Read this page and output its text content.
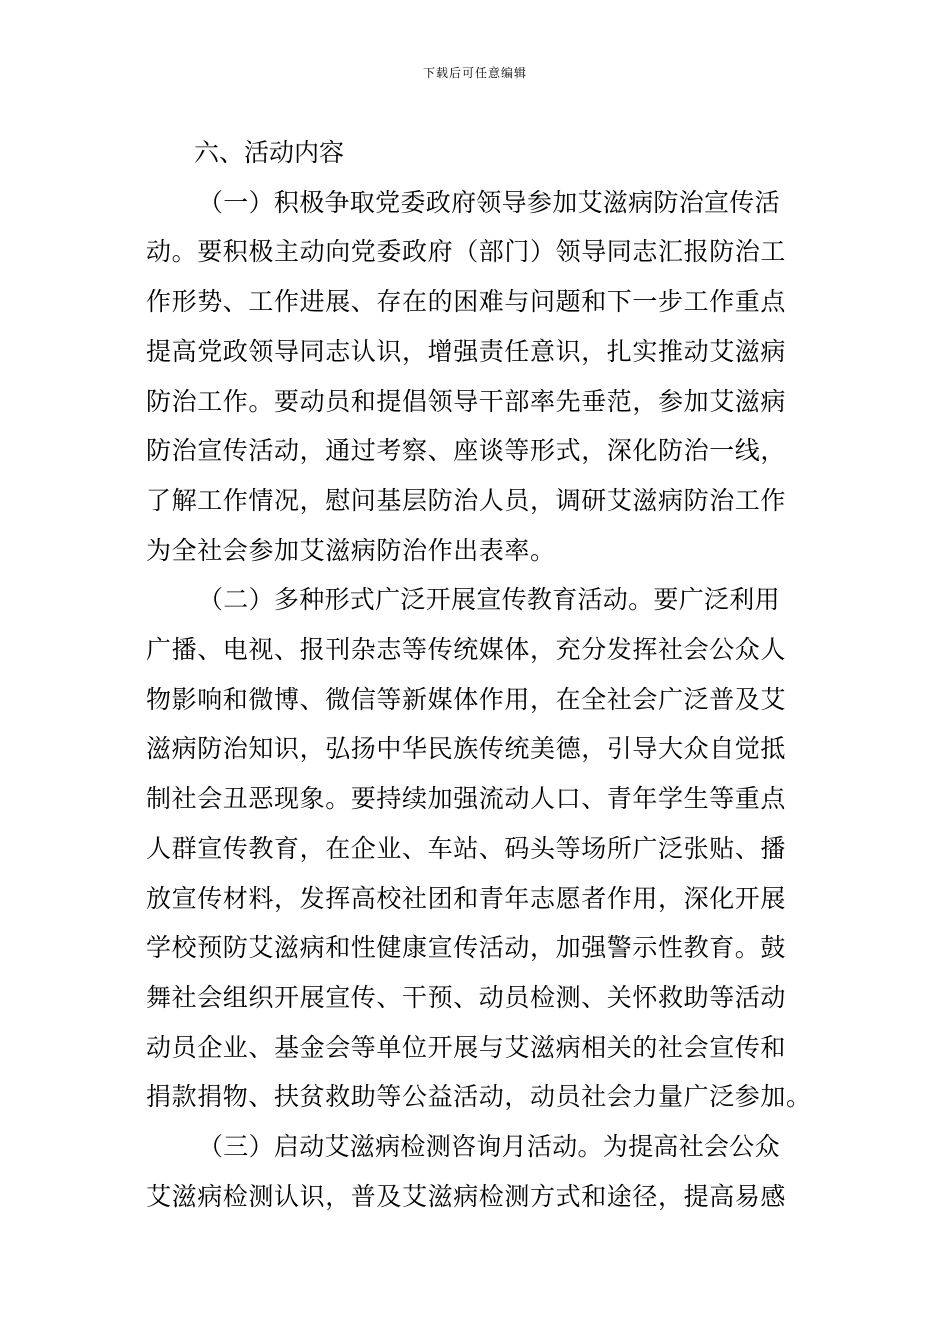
下载后可任意编辑

六、活动内容

（一）积极争取党委政府领导参加艾滋病防治宣传活

动。要积极主动向党委政府（部门）领导同志汇报防治工

作形势、工作进展、存在的困难与问题和下一步工作重点

提高党政领导同志认识，增强责任意识，扎实推动艾滋病

防治工作。要动员和提倡领导干部率先垂范，参加艾滋病

防治宣传活动，通过考察、座谈等形式，深化防治一线，

了解工作情况，慰问基层防治人员，调研艾滋病防治工作

为全社会参加艾滋病防治作出表率。

（二）多种形式广泛开展宣传教育活动。要广泛利用

广播、电视、报刊杂志等传统媒体，充分发挥社会公众人

物影响和微博、微信等新媒体作用，在全社会广泛普及艾

滋病防治知识，弘扬中华民族传统美德，引导大众自觉抵

制社会丑恶现象。要持续加强流动人口、青年学生等重点

人群宣传教育，在企业、车站、码头等场所广泛张贴、播

放宣传材料，发挥高校社团和青年志愿者作用，深化开展

学校预防艾滋病和性健康宣传活动，加强警示性教育。鼓

舞社会组织开展宣传、干预、动员检测、关怀救助等活动

动员企业、基金会等单位开展与艾滋病相关的社会宣传和

捐款捐物、扶贫救助等公益活动，动员社会力量广泛参加。

（三）启动艾滋病检测咨询月活动。为提高社会公众

艾滋病检测认识，普及艾滋病检测方式和途径，提高易感
